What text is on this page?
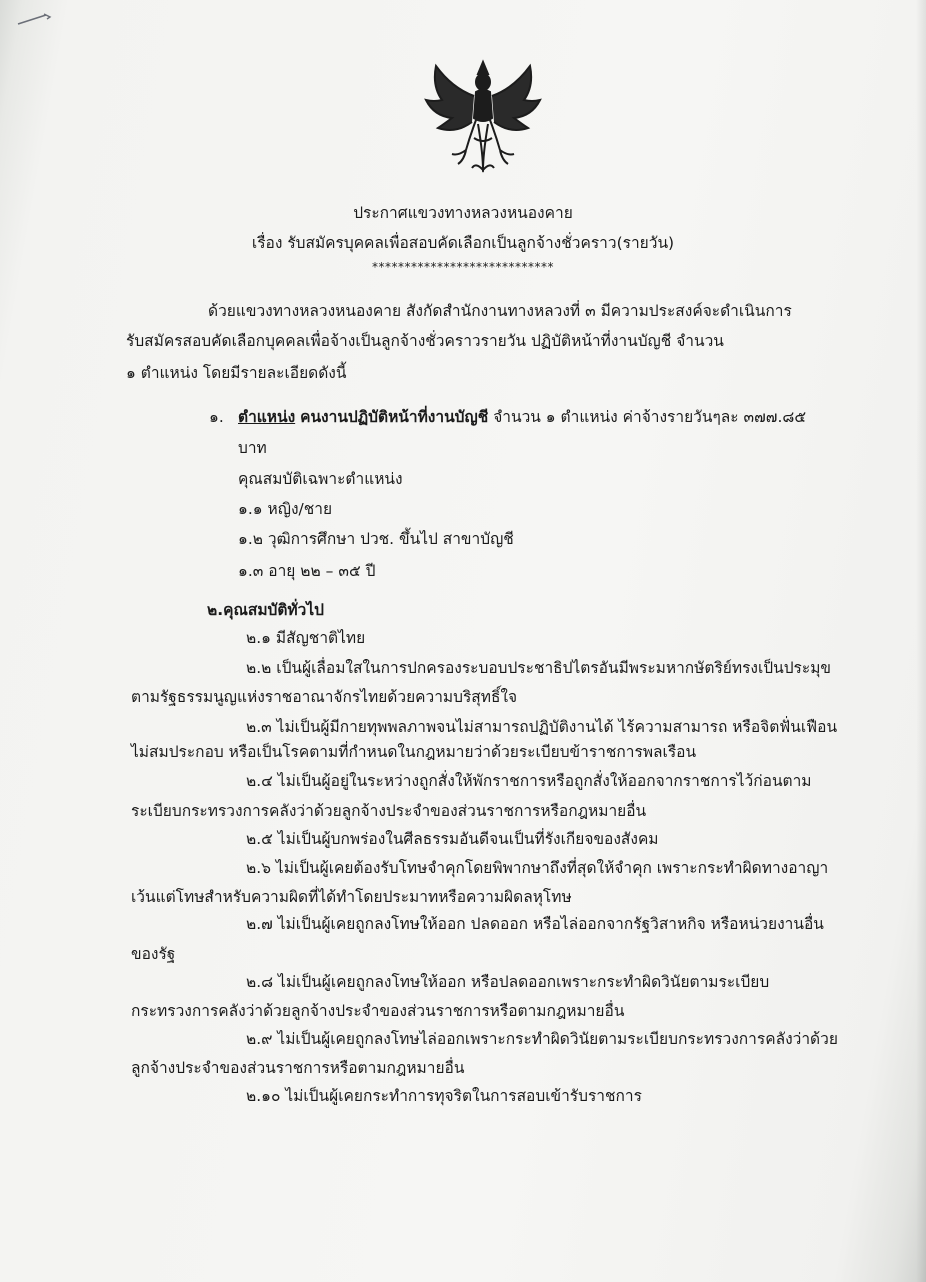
ประกาศแขวงทางหลวงหนองคาย
เรื่อง รับสมัครบุคคลเพื่อสอบคัดเลือกเป็นลูกจ้างชั่วคราว(รายวัน)
****************************
ด้วยแขวงทางหลวงหนองคาย สังกัดสำนักงานทางหลวงที่ ๓ มีความประสงค์จะดำเนินการ
รับสมัครสอบคัดเลือกบุคคลเพื่อจ้างเป็นลูกจ้างชั่วคราวรายวัน ปฏิบัติหน้าที่งานบัญชี จำนวน
๑ ตำแหน่ง โดยมีรายละเอียดดังนี้
๑. ตำแหน่ง คนงานปฏิบัติหน้าที่งานบัญชี จำนวน ๑ ตำแหน่ง ค่าจ้างรายวันๆละ ๓๗๗.๘๕
บาท
คุณสมบัติเฉพาะตำแหน่ง
๑.๑ หญิง/ชาย
๑.๒ วุฒิการศึกษา ปวช. ขึ้นไป สาขาบัญชี
๑.๓ อายุ ๒๒ – ๓๕ ปี
๒.คุณสมบัติทั่วไป
๒.๑ มีสัญชาติไทย
๒.๒ เป็นผู้เลื่อมใสในการปกครองระบอบประชาธิปไตรอันมีพระมหากษัตริย์ทรงเป็นประมุข
ตามรัฐธรรมนูญแห่งราชอาณาจักรไทยด้วยความบริสุทธิ์ใจ
๒.๓ ไม่เป็นผู้มีกายทุพพลภาพจนไม่สามารถปฏิบัติงานได้ ไร้ความสามารถ หรือจิตฟั่นเฟือน
ไม่สมประกอบ หรือเป็นโรคตามที่กำหนดในกฎหมายว่าด้วยระเบียบข้าราชการพลเรือน
๒.๔ ไม่เป็นผู้อยู่ในระหว่างถูกสั่งให้พักราชการหรือถูกสั่งให้ออกจากราชการไว้ก่อนตาม
ระเบียบกระทรวงการคลังว่าด้วยลูกจ้างประจำของส่วนราชการหรือกฎหมายอื่น
๒.๕ ไม่เป็นผู้บกพร่องในศีลธรรมอันดีจนเป็นที่รังเกียจของสังคม
๒.๖ ไม่เป็นผู้เคยต้องรับโทษจำคุกโดยพิพากษาถึงที่สุดให้จำคุก เพราะกระทำผิดทางอาญา
เว้นแต่โทษสำหรับความผิดที่ได้ทำโดยประมาทหรือความผิดลหุโทษ
๒.๗ ไม่เป็นผู้เคยถูกลงโทษให้ออก ปลดออก หรือไล่ออกจากรัฐวิสาหกิจ หรือหน่วยงานอื่น
ของรัฐ
๒.๘ ไม่เป็นผู้เคยถูกลงโทษให้ออก หรือปลดออกเพราะกระทำผิดวินัยตามระเบียบ
กระทรวงการคลังว่าด้วยลูกจ้างประจำของส่วนราชการหรือตามกฎหมายอื่น
๒.๙ ไม่เป็นผู้เคยถูกลงโทษไล่ออกเพราะกระทำผิดวินัยตามระเบียบกระทรวงการคลังว่าด้วย
ลูกจ้างประจำของส่วนราชการหรือตามกฎหมายอื่น
๒.๑๐ ไม่เป็นผู้เคยกระทำการทุจริตในการสอบเข้ารับราชการ
